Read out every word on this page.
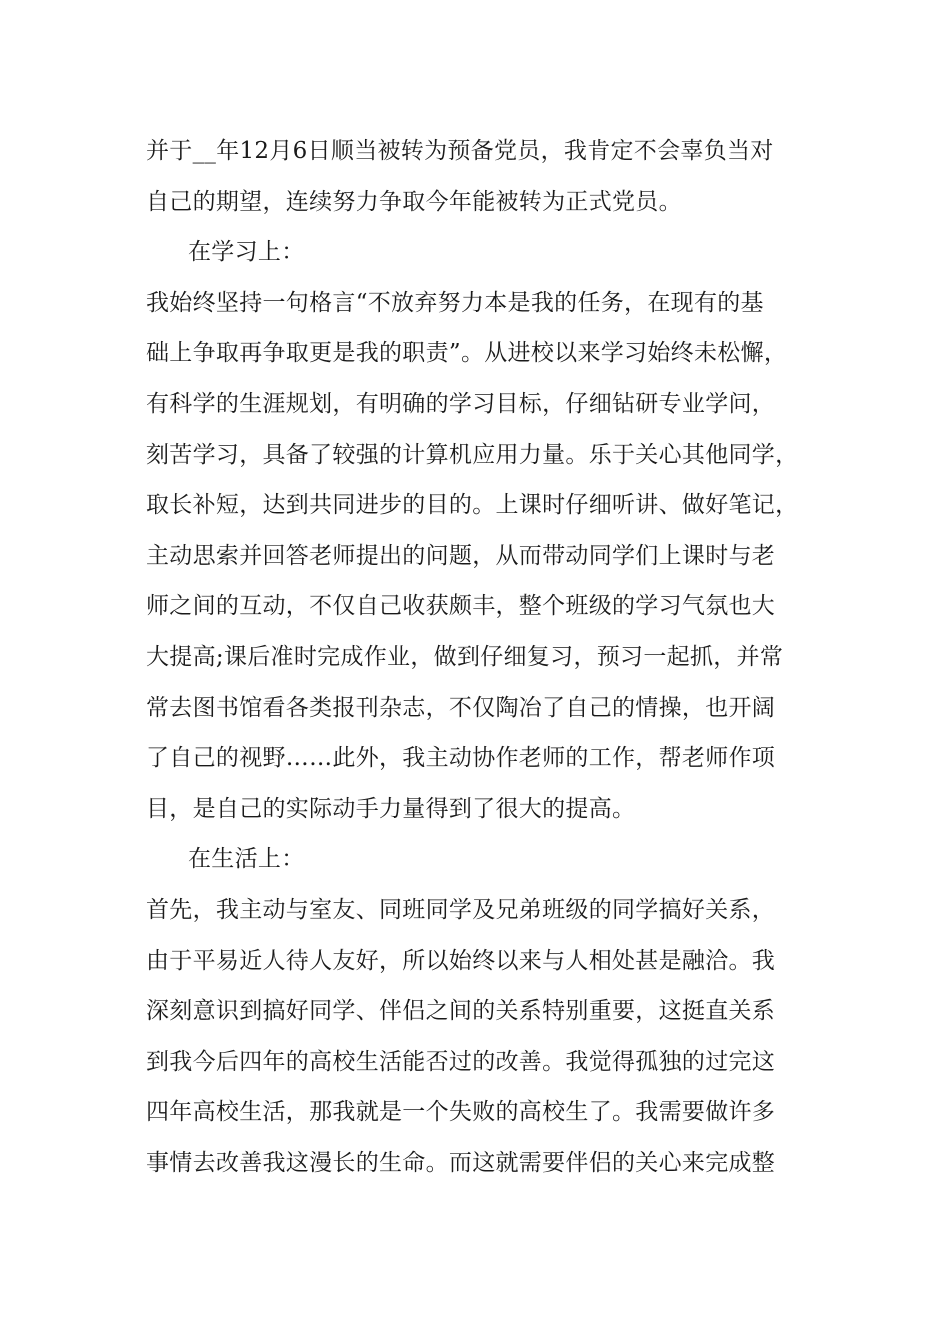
并于__年12月6日顺当被转为预备党员，我肯定不会辜负当对
自己的期望，连续努力争取今年能被转为正式党员。
在学习上：
我始终坚持一句格言“不放弃努力本是我的任务，在现有的基
础上争取再争取更是我的职责”。从进校以来学习始终未松懈，
有科学的生涯规划，有明确的学习目标，仔细钻研专业学问，
刻苦学习，具备了较强的计算机应用力量。乐于关心其他同学，
取长补短，达到共同进步的目的。上课时仔细听讲、做好笔记，
主动思索并回答老师提出的问题，从而带动同学们上课时与老
师之间的互动，不仅自己收获颇丰，整个班级的学习气氛也大
大提高;课后准时完成作业，做到仔细复习，预习一起抓，并常
常去图书馆看各类报刊杂志，不仅陶冶了自己的情操，也开阔
了自己的视野……此外，我主动协作老师的工作，帮老师作项
目，是自己的实际动手力量得到了很大的提高。
在生活上：
首先，我主动与室友、同班同学及兄弟班级的同学搞好关系，
由于平易近人待人友好，所以始终以来与人相处甚是融洽。我
深刻意识到搞好同学、伴侣之间的关系特别重要，这挺直关系
到我今后四年的高校生活能否过的改善。我觉得孤独的过完这
四年高校生活，那我就是一个失败的高校生了。我需要做许多
事情去改善我这漫长的生命。而这就需要伴侣的关心来完成整
